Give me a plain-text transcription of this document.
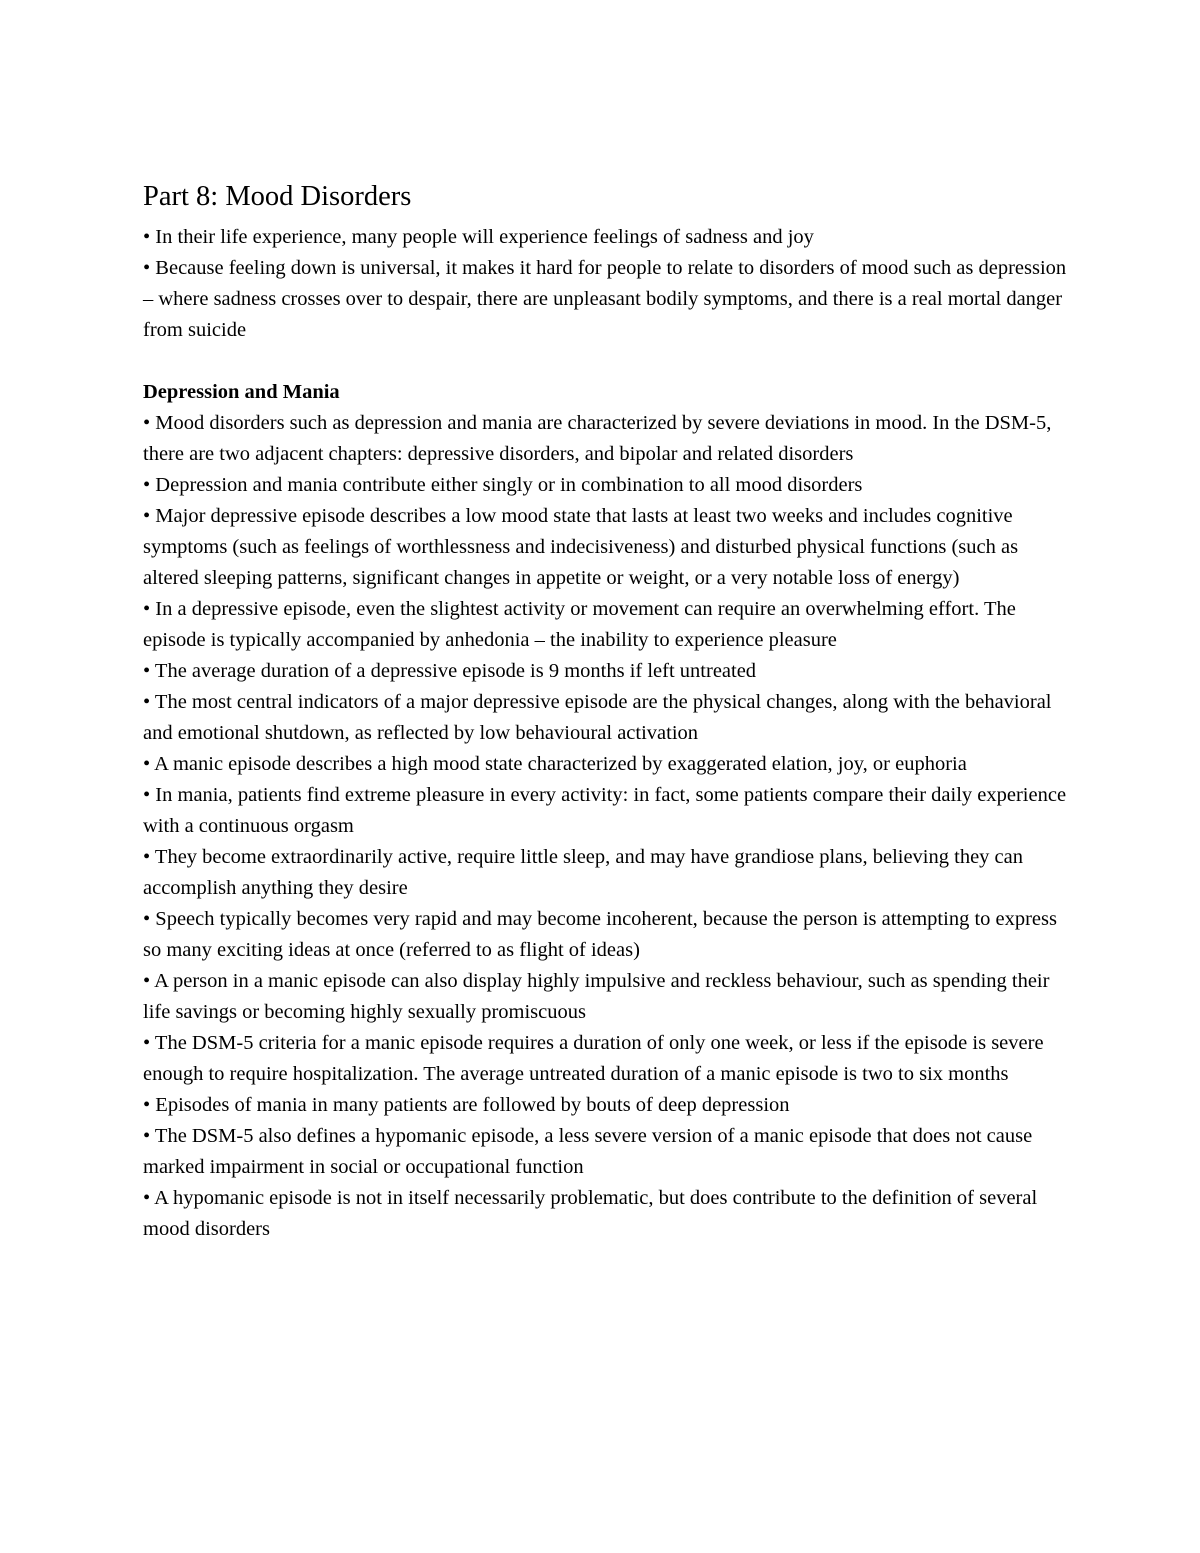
Part 8: Mood Disorders

• In their life experience, many people will experience feelings of sadness and joy

• Because feeling down is universal, it makes it hard for people to relate to disorders of mood such as depression – where sadness crosses over to despair, there are unpleasant bodily symptoms, and there is a real mortal danger from suicide

Depression and Mania

• Mood disorders such as depression and mania are characterized by severe deviations in mood. In the DSM-5, there are two adjacent chapters: depressive disorders, and bipolar and related disorders

• Depression and mania contribute either singly or in combination to all mood disorders

• Major depressive episode describes a low mood state that lasts at least two weeks and includes cognitive symptoms (such as feelings of worthlessness and indecisiveness) and disturbed physical functions (such as altered sleeping patterns, significant changes in appetite or weight, or a very notable loss of energy)

• In a depressive episode, even the slightest activity or movement can require an overwhelming effort. The episode is typically accompanied by anhedonia – the inability to experience pleasure

• The average duration of a depressive episode is 9 months if left untreated

• The most central indicators of a major depressive episode are the physical changes, along with the behavioral and emotional shutdown, as reflected by low behavioural activation

• A manic episode describes a high mood state characterized by exaggerated elation, joy, or euphoria

• In mania, patients find extreme pleasure in every activity: in fact, some patients compare their daily experience with a continuous orgasm

• They become extraordinarily active, require little sleep, and may have grandiose plans, believing they can accomplish anything they desire

• Speech typically becomes very rapid and may become incoherent, because the person is attempting to express so many exciting ideas at once (referred to as flight of ideas)

• A person in a manic episode can also display highly impulsive and reckless behaviour, such as spending their life savings or becoming highly sexually promiscuous

• The DSM-5 criteria for a manic episode requires a duration of only one week, or less if the episode is severe enough to require hospitalization. The average untreated duration of a manic episode is two to six months

• Episodes of mania in many patients are followed by bouts of deep depression

• The DSM-5 also defines a hypomanic episode, a less severe version of a manic episode that does not cause marked impairment in social or occupational function

• A hypomanic episode is not in itself necessarily problematic, but does contribute to the definition of several mood disorders
